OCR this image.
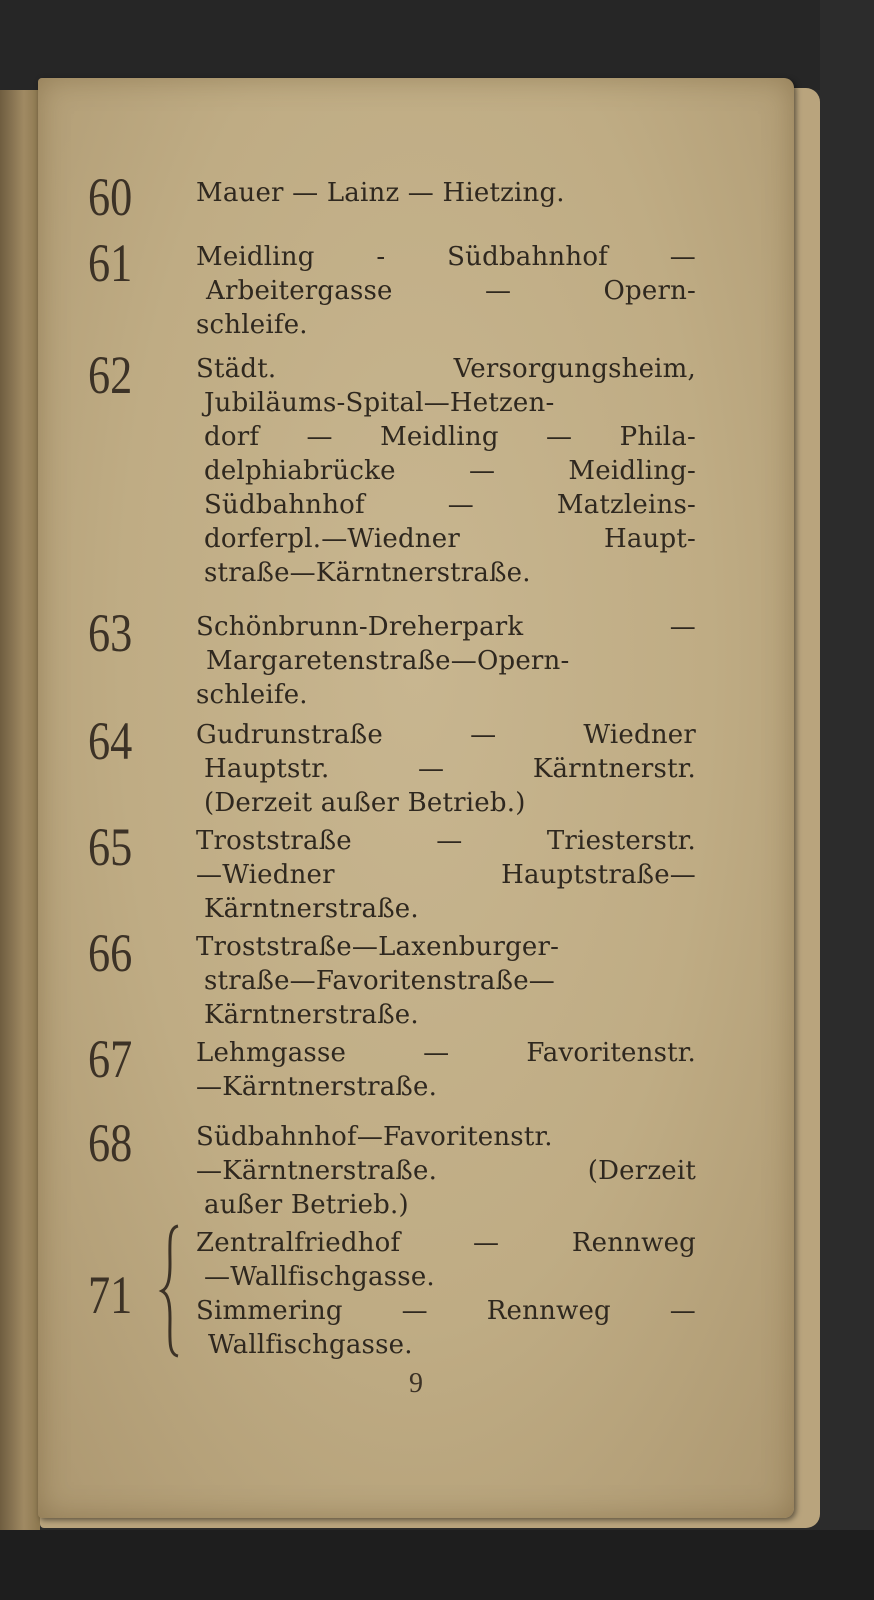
60 Mauer — Lainz — Hietzing.
61 Meidling - Südbahnhof —
Arbeitergasse — Opern-
schleife.
62 Städt. Versorgungsheim,
Jubiläums-Spital—Hetzen-
dorf — Meidling — Phila-
delphiabrücke — Meidling-
Südbahnhof — Matzleins-
dorferpl.—Wiedner Haupt-
straße—Kärntnerstraße.
63 Schönbrunn-Dreherpark —
Margaretenstraße—Opern-
schleife.
64 Gudrunstraße — Wiedner
Hauptstr. — Kärntnerstr.
(Derzeit außer Betrieb.)
65 Troststraße — Triesterstr.
—Wiedner Hauptstraße—
Kärntnerstraße.
66 Troststraße—Laxenburger-
straße—Favoritenstraße—
Kärntnerstraße.
67 Lehmgasse — Favoritenstr.
—Kärntnerstraße.
68 Südbahnhof—Favoritenstr.
—Kärntnerstraße. (Derzeit
außer Betrieb.)
71
Zentralfriedhof — Rennweg
—Wallfischgasse.
Simmering — Rennweg —
Wallfischgasse.
9
